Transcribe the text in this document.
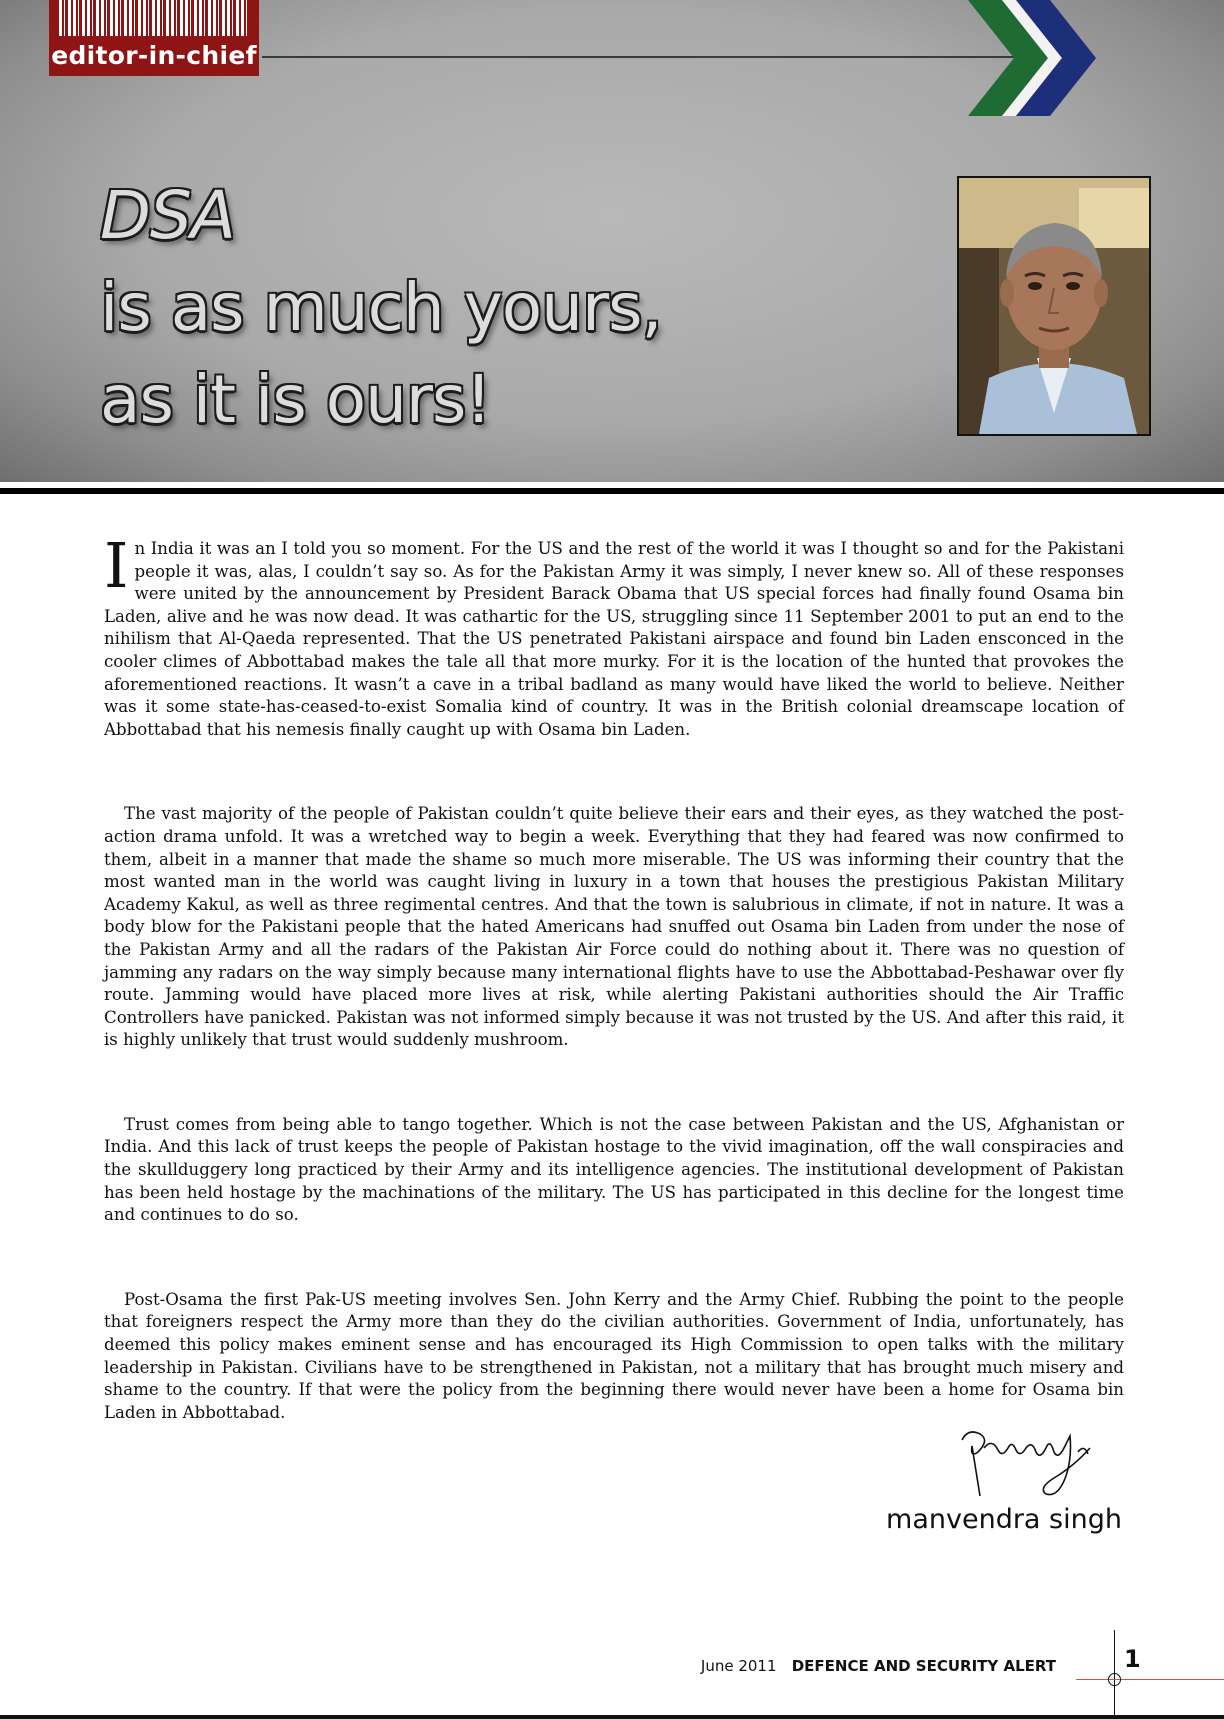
editor-in-chief
DSA
is as much yours,
as it is ours!

In India it was an I told you so moment. For the US and the rest of the world it was I thought so and for the Pakistani people it was, alas, I couldn’t say so. As for the Pakistan Army it was simply, I never knew so. All of these responses were united by the announcement by President Barack Obama that US special forces had finally found Osama bin Laden, alive and he was now dead. It was cathartic for the US, struggling since 11 September 2001 to put an end to the nihilism that Al-Qaeda represented. That the US penetrated Pakistani airspace and found bin Laden ensconced in the cooler climes of Abbottabad makes the tale all that more murky. For it is the location of the hunted that provokes the aforementioned reactions. It wasn’t a cave in a tribal badland as many would have liked the world to believe. Neither was it some state-has-ceased-to-exist Somalia kind of country. It was in the British colonial dreamscape location of Abbottabad that his nemesis finally caught up with Osama bin Laden.

The vast majority of the people of Pakistan couldn’t quite believe their ears and their eyes, as they watched the post-action drama unfold. It was a wretched way to begin a week. Everything that they had feared was now confirmed to them, albeit in a manner that made the shame so much more miserable. The US was informing their country that the most wanted man in the world was caught living in luxury in a town that houses the prestigious Pakistan Military Academy Kakul, as well as three regimental centres. And that the town is salubrious in climate, if not in nature. It was a body blow for the Pakistani people that the hated Americans had snuffed out Osama bin Laden from under the nose of the Pakistan Army and all the radars of the Pakistan Air Force could do nothing about it. There was no question of jamming any radars on the way simply because many international flights have to use the Abbottabad-Peshawar over fly route. Jamming would have placed more lives at risk, while alerting Pakistani authorities should the Air Traffic Controllers have panicked. Pakistan was not informed simply because it was not trusted by the US. And after this raid, it is highly unlikely that trust would suddenly mushroom.

Trust comes from being able to tango together. Which is not the case between Pakistan and the US, Afghanistan or India. And this lack of trust keeps the people of Pakistan hostage to the vivid imagination, off the wall conspiracies and the skullduggery long practiced by their Army and its intelligence agencies. The institutional development of Pakistan has been held hostage by the machinations of the military. The US has participated in this decline for the longest time and continues to do so.

Post-Osama the first Pak-US meeting involves Sen. John Kerry and the Army Chief. Rubbing the point to the people that foreigners respect the Army more than they do the civilian authorities. Government of India, unfortunately, has deemed this policy makes eminent sense and has encouraged its High Commission to open talks with the military leadership in Pakistan. Civilians have to be strengthened in Pakistan, not a military that has brought much misery and shame to the country. If that were the policy from the beginning there would never have been a home for Osama bin Laden in Abbottabad.

manvendra singh
June 2011 DEFENCE AND SECURITY ALERT	1
